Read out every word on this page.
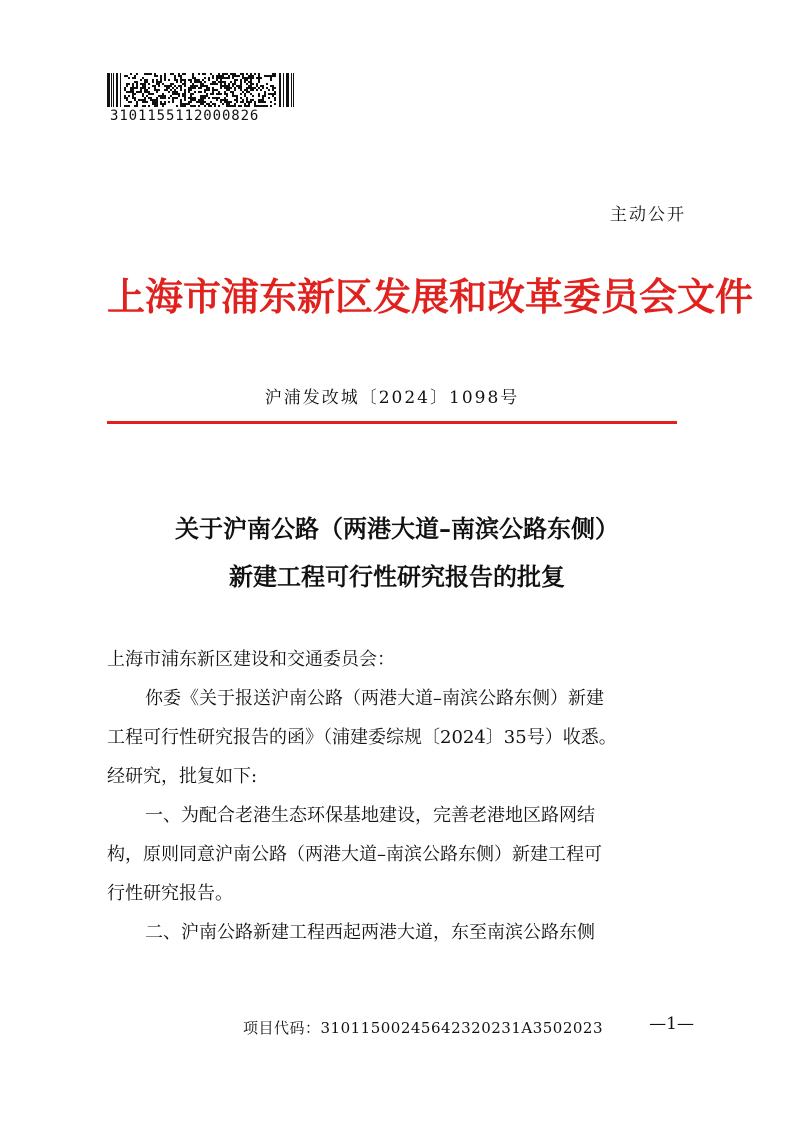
3101155112000826
主动公开
上海市浦东新区发展和改革委员会文件
沪浦发改城〔2024〕1098号
关于沪南公路（两港大道–南滨公路东侧）
新建工程可行性研究报告的批复

上海市浦东新区建设和交通委员会：

你委《关于报送沪南公路（两港大道–南滨公路东侧）新建

工程可行性研究报告的函》（浦建委综规〔2024〕35号）收悉。

经研究，批复如下:

一、为配合老港生态环保基地建设，完善老港地区路网结

构，原则同意沪南公路（两港大道–南滨公路东侧）新建工程可

行性研究报告。

二、沪南公路新建工程西起两港大道，东至南滨公路东侧

项目代码：31011500245642320231A3502023	—1—
